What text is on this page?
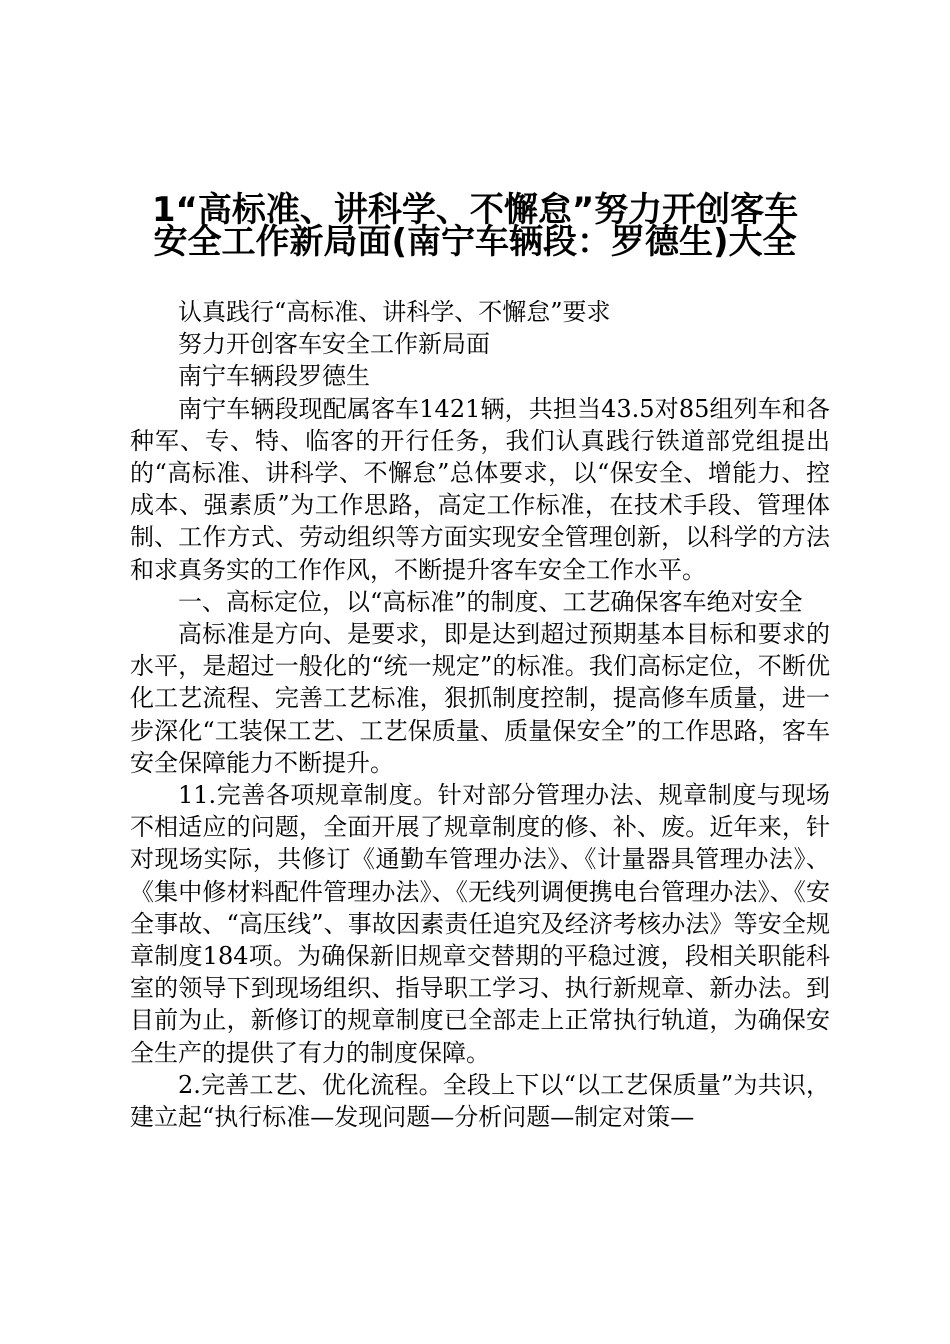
1“高标准、讲科学、不懈怠”努力开创客车
安全工作新局面(南宁车辆段：罗德生)大全

认真践行“高标准、讲科学、不懈怠”要求

努力开创客车安全工作新局面

南宁车辆段罗德生

南宁车辆段现配属客车1421辆，共担当43.5对85组列车和各种军、专、特、临客的开行任务，我们认真践行铁道部党组提出的“高标准、讲科学、不懈怠”总体要求，以“保安全、增能力、控成本、强素质”为工作思路，高定工作标准，在技术手段、管理体制、工作方式、劳动组织等方面实现安全管理创新，以科学的方法和求真务实的工作作风，不断提升客车安全工作水平。

一、高标定位，以“高标准”的制度、工艺确保客车绝对安全

高标准是方向、是要求，即是达到超过预期基本目标和要求的水平，是超过一般化的“统一规定”的标准。我们高标定位，不断优化工艺流程、完善工艺标准，狠抓制度控制，提高修车质量，进一步深化“工装保工艺、工艺保质量、质量保安全”的工作思路，客车安全保障能力不断提升。

11.完善各项规章制度。针对部分管理办法、规章制度与现场不相适应的问题，全面开展了规章制度的修、补、废。近年来，针对现场实际，共修订《通勤车管理办法》、《计量器具管理办法》、《集中修材料配件管理办法》、《无线列调便携电台管理办法》、《安全事故、“高压线”、事故因素责任追究及经济考核办法》等安全规章制度184项。为确保新旧规章交替期的平稳过渡，段相关职能科室的领导下到现场组织、指导职工学习、执行新规章、新办法。到目前为止，新修订的规章制度已全部走上正常执行轨道，为确保安全生产的提供了有力的制度保障。

2.完善工艺、优化流程。全段上下以“以工艺保质量”为共识，建立起“执行标准—发现问题—分析问题—制定对策—
